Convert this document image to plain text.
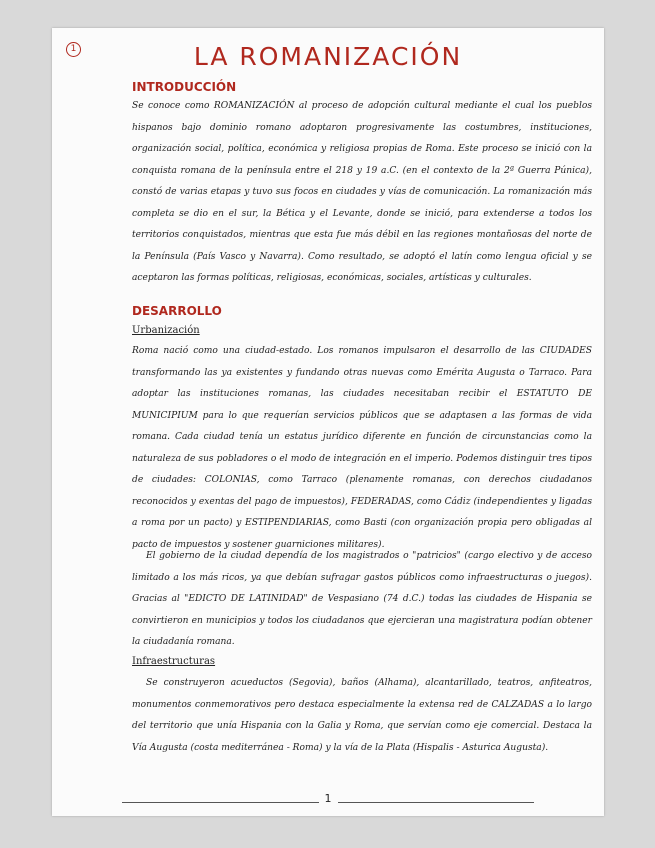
1	LA ROMANIZACIÓN
INTRODUCCIÓN
Se conoce como ROMANIZACIÓN al proceso de adopción cultural mediante el cual los pueblos hispanos bajo dominio romano adoptaron progresivamente las costumbres, instituciones, organización social, política, económica y religiosa propias de Roma. Este proceso se inició con la conquista romana de la península entre el 218 y 19 a.C. (en el contexto de la 2ª Guerra Púnica), constó de varias etapas y tuvo sus focos en ciudades y vías de comunicación. La romanización más completa se dio en el sur, la Bética y el Levante, donde se inició, para extenderse a todos los territorios conquistados, mientras que esta fue más débil en las regiones montañosas del norte de la Península (País Vasco y Navarra). Como resultado, se adoptó el latín como lengua oficial y se aceptaron las formas políticas, religiosas, económicas, sociales, artísticas y culturales.
DESARROLLO
Urbanización
Roma nació como una ciudad-estado. Los romanos impulsaron el desarrollo de las CIUDADES transformando las ya existentes y fundando otras nuevas como Emérita Augusta o Tarraco. Para adoptar las instituciones romanas, las ciudades necesitaban recibir el ESTATUTO DE MUNICIPIUM para lo que requerían servicios públicos que se adaptasen a las formas de vida romana. Cada ciudad tenía un estatus jurídico diferente en función de circunstancias como la naturaleza de sus pobladores o el modo de integración en el imperio. Podemos distinguir tres tipos de ciudades: COLONIAS, como Tarraco (plenamente romanas, con derechos ciudadanos reconocidos y exentas del pago de impuestos), FEDERADAS, como Cádiz (independientes y ligadas a roma por un pacto) y ESTIPENDIARIAS, como Basti (con organización propia pero obligadas al pacto de impuestos y sostener guarniciones militares).
El gobierno de la ciudad dependía de los magistrados o "patricios" (cargo electivo y de acceso limitado a los más ricos, ya que debían sufragar gastos públicos como infraestructuras o juegos). Gracias al "EDICTO DE LATINIDAD" de Vespasiano (74 d.C.) todas las ciudades de Hispania se convirtieron en municipios y todos los ciudadanos que ejercieran una magistratura podían obtener la ciudadanía romana.
Infraestructuras
Se construyeron acueductos (Segovia), baños (Alhama), alcantarillado, teatros, anfiteatros, monumentos conmemorativos pero destaca especialmente la extensa red de CALZADAS a lo largo del territorio que unía Hispania con la Galia y Roma, que servían como eje comercial. Destaca la Vía Augusta (costa mediterránea - Roma) y la vía de la Plata (Hispalis - Asturica Augusta).
1
